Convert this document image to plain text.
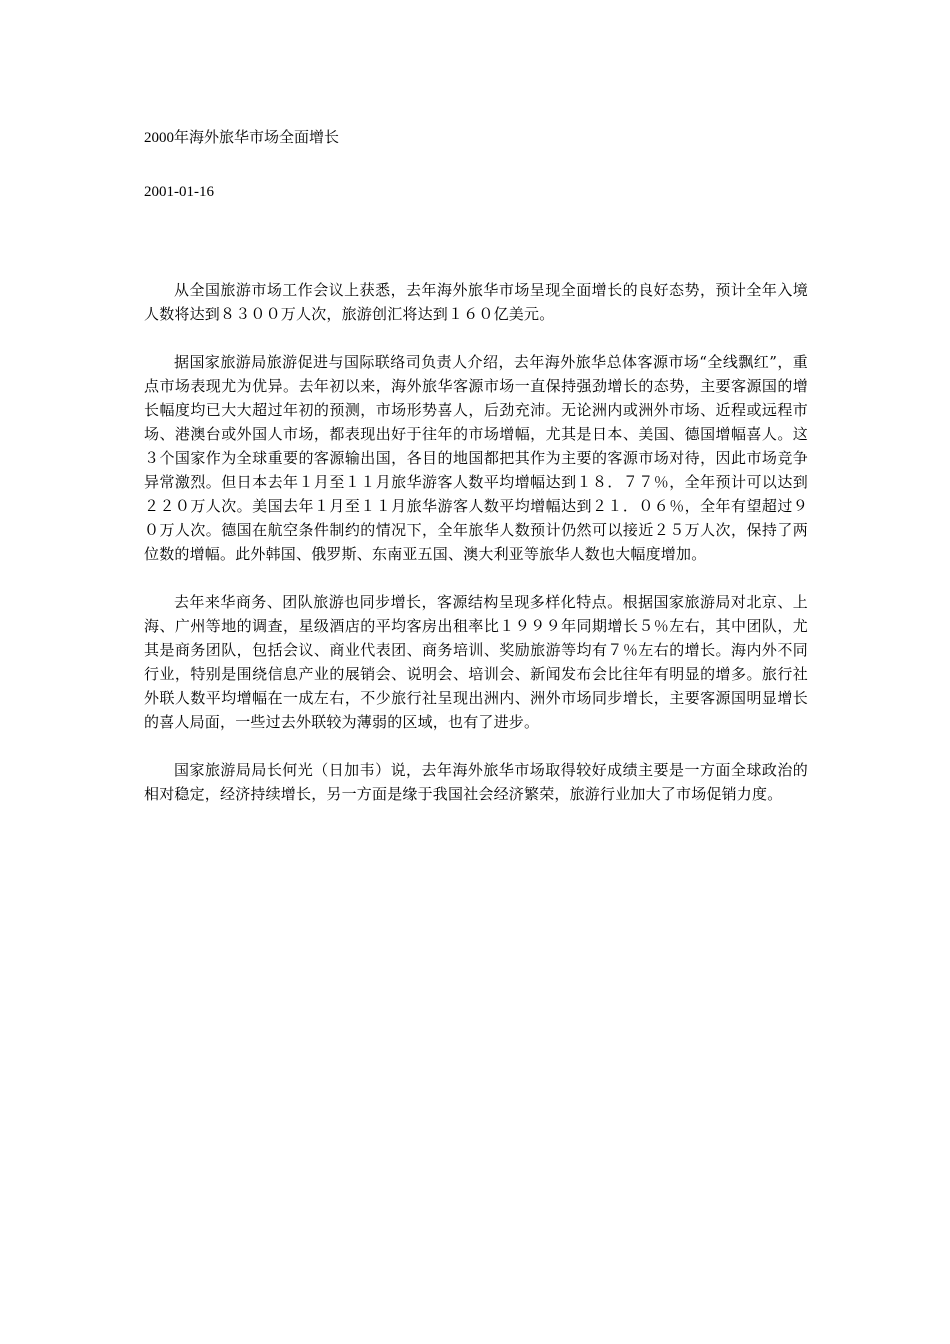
2000年海外旅华市场全面增长
2001-01-16

从全国旅游市场工作会议上获悉，去年海外旅华市场呈现全面增长的良好态势，预计全年入境人数将达到８３００万人次，旅游创汇将达到１６０亿美元。

据国家旅游局旅游促进与国际联络司负责人介绍，去年海外旅华总体客源市场“全线飘红”，重点市场表现尤为优异。去年初以来，海外旅华客源市场一直保持强劲增长的态势，主要客源国的增长幅度均已大大超过年初的预测，市场形势喜人，后劲充沛。无论洲内或洲外市场、近程或远程市场、港澳台或外国人市场，都表现出好于往年的市场增幅，尤其是日本、美国、德国增幅喜人。这３个国家作为全球重要的客源输出国，各目的地国都把其作为主要的客源市场对待，因此市场竞争异常激烈。但日本去年１月至１１月旅华游客人数平均增幅达到１８．７７％，全年预计可以达到２２０万人次。美国去年１月至１１月旅华游客人数平均增幅达到２１．０６％，全年有望超过９０万人次。德国在航空条件制约的情况下，全年旅华人数预计仍然可以接近２５万人次，保持了两位数的增幅。此外韩国、俄罗斯、东南亚五国、澳大利亚等旅华人数也大幅度增加。

去年来华商务、团队旅游也同步增长，客源结构呈现多样化特点。根据国家旅游局对北京、上海、广州等地的调查，星级酒店的平均客房出租率比１９９９年同期增长５％左右，其中团队，尤其是商务团队，包括会议、商业代表团、商务培训、奖励旅游等均有７％左右的增长。海内外不同行业，特别是围绕信息产业的展销会、说明会、培训会、新闻发布会比往年有明显的增多。旅行社外联人数平均增幅在一成左右，不少旅行社呈现出洲内、洲外市场同步增长，主要客源国明显增长的喜人局面，一些过去外联较为薄弱的区域，也有了进步。

国家旅游局局长何光（日加韦）说，去年海外旅华市场取得较好成绩主要是一方面全球政治的相对稳定，经济持续增长，另一方面是缘于我国社会经济繁荣，旅游行业加大了市场促销力度。
